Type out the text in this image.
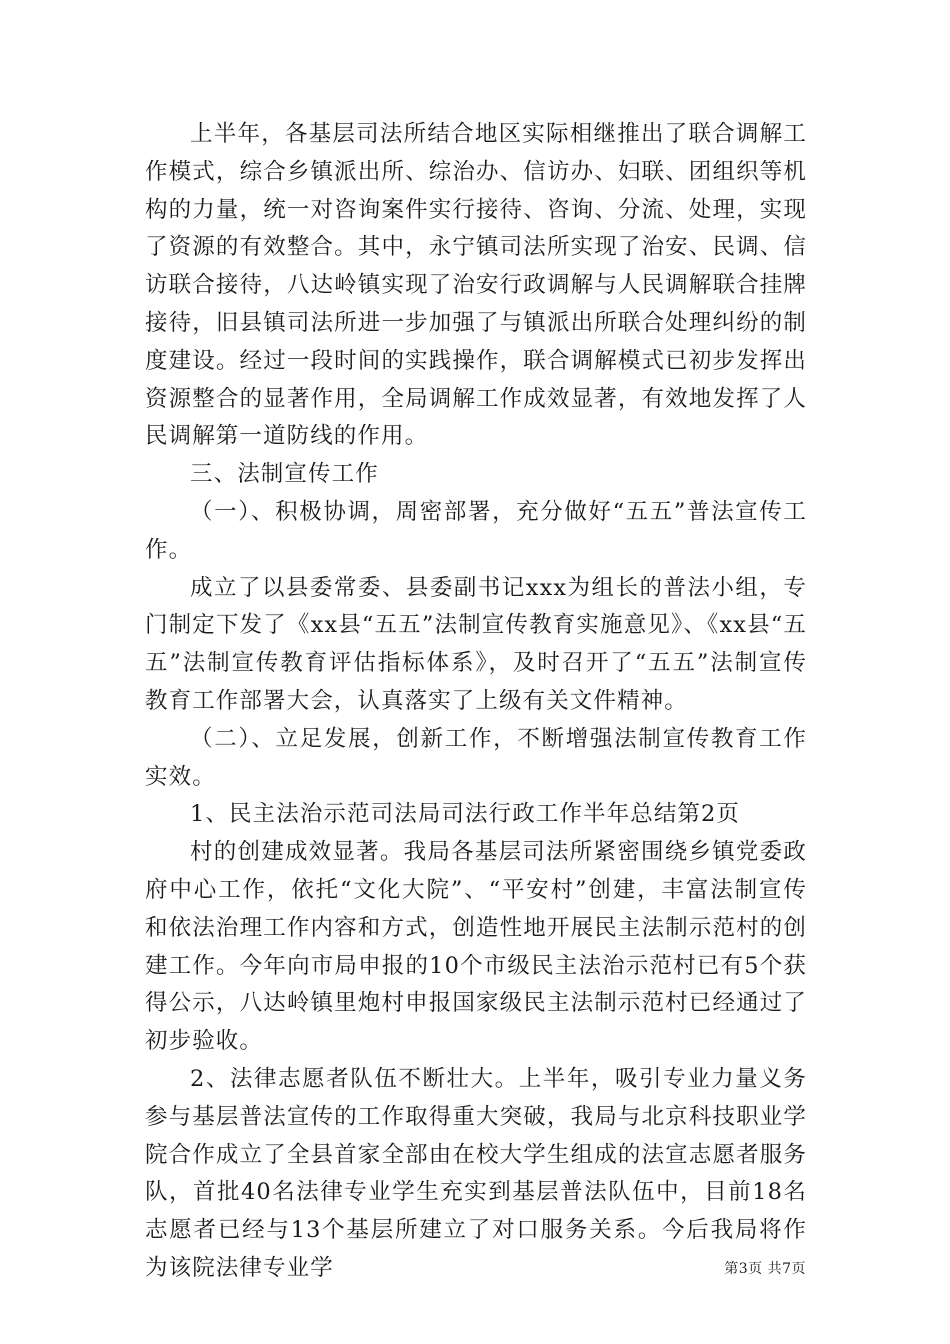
上半年，各基层司法所结合地区实际相继推出了联合调解工作模式，综合乡镇派出所、综治办、信访办、妇联、团组织等机构的力量，统一对咨询案件实行接待、咨询、分流、处理，实现了资源的有效整合。其中，永宁镇司法所实现了治安、民调、信访联合接待，八达岭镇实现了治安行政调解与人民调解联合挂牌接待，旧县镇司法所进一步加强了与镇派出所联合处理纠纷的制度建设。经过一段时间的实践操作，联合调解模式已初步发挥出资源整合的显著作用，全局调解工作成效显著，有效地发挥了人民调解第一道防线的作用。

三、法制宣传工作

（一）、积极协调，周密部署，充分做好“五五”普法宣传工作。

成立了以县委常委、县委副书记xxx为组长的普法小组，专门制定下发了《xx县“五五”法制宣传教育实施意见》、《xx县“五五”法制宣传教育评估指标体系》，及时召开了“五五”法制宣传教育工作部署大会，认真落实了上级有关文件精神。

（二）、立足发展，创新工作，不断增强法制宣传教育工作实效。

1、民主法治示范司法局司法行政工作半年总结第2页

村的创建成效显著。我局各基层司法所紧密围绕乡镇党委政府中心工作，依托“文化大院”、“平安村”创建，丰富法制宣传和依法治理工作内容和方式，创造性地开展民主法制示范村的创建工作。今年向市局申报的10个市级民主法治示范村已有5个获得公示，八达岭镇里炮村申报国家级民主法制示范村已经通过了初步验收。

2、法律志愿者队伍不断壮大。上半年，吸引专业力量义务参与基层普法宣传的工作取得重大突破，我局与北京科技职业学院合作成立了全县首家全部由在校大学生组成的法宣志愿者服务队，首批40名法律专业学生充实到基层普法队伍中，目前18名志愿者已经与13个基层所建立了对口服务关系。今后我局将作为该院法律专业学	第3页 共7页
